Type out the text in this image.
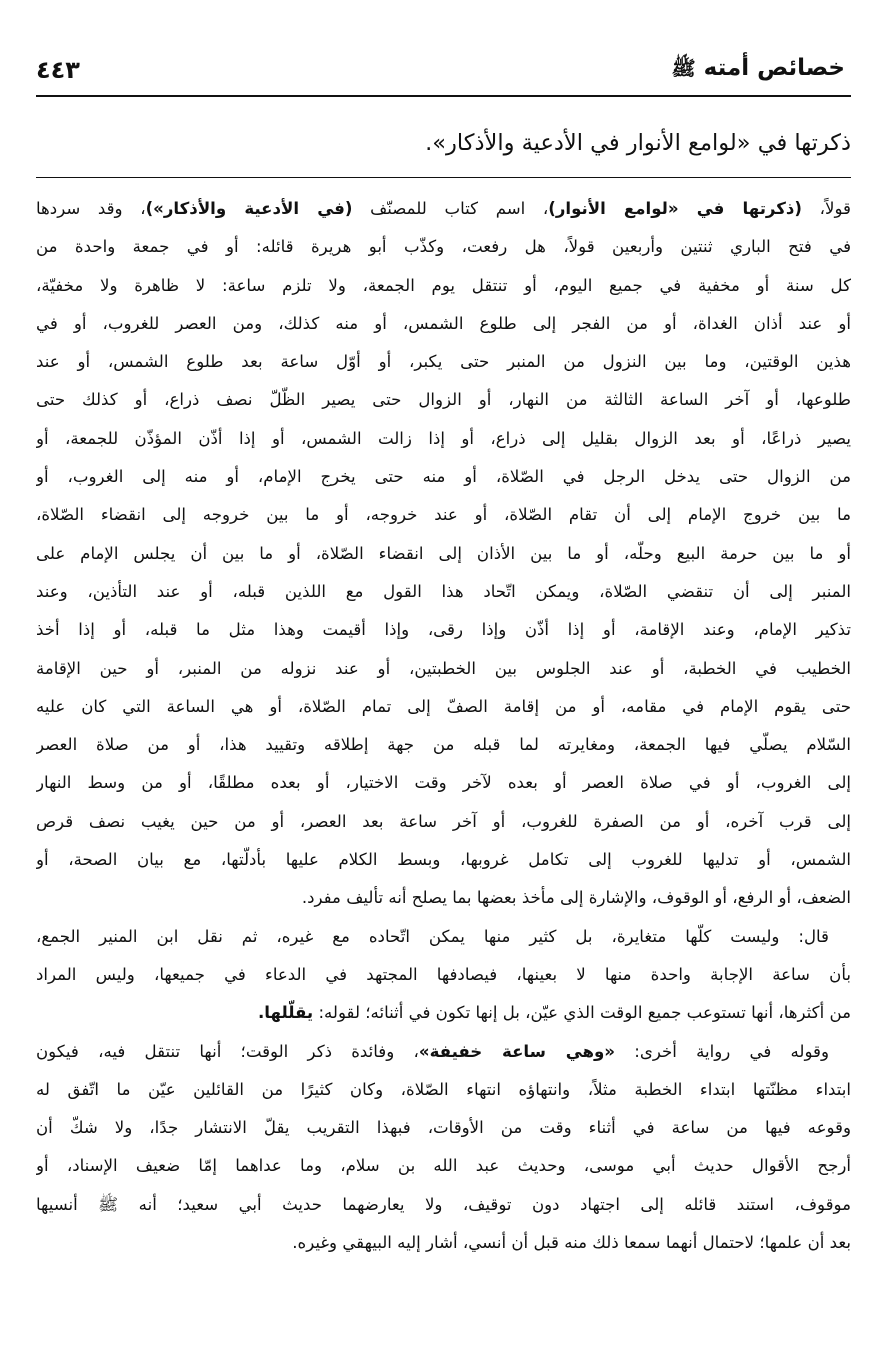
خصائص أمته ﷺ
٤٤٣
ذكرتها في «لوامع الأنوار في الأدعية والأذكار».
قولاً، (ذكرتها في «لوامع الأنوار)، اسم كتاب للمصنّف (في الأدعية والأذكار»)، وقد سردها
في فتح الباري ثنتين وأربعين قولاً، هل رفعت، وكذّب أبو هريرة قائله: أو في جمعة واحدة من
كل سنة أو مخفية في جميع اليوم، أو تنتقل يوم الجمعة، ولا تلزم ساعة: لا ظاهرة ولا مخفيّة،
أو عند أذان الغداة، أو من الفجر إلى طلوع الشمس، أو منه كذلك، ومن العصر للغروب، أو في
هذين الوقتين، وما بين النزول من المنبر حتى يكبر، أو أوّل ساعة بعد طلوع الشمس، أو عند
طلوعها، أو آخر الساعة الثالثة من النهار، أو الزوال حتى يصير الظّلّ نصف ذراع، أو كذلك حتى
يصير ذراعًا، أو بعد الزوال بقليل إلى ذراع، أو إذا زالت الشمس، أو إذا أذّن المؤذّن للجمعة، أو
من الزوال حتى يدخل الرجل في الصّلاة، أو منه حتى يخرج الإمام، أو منه إلى الغروب، أو
ما بين خروج الإمام إلى أن تقام الصّلاة، أو عند خروجه، أو ما بين خروجه إلى انقضاء الصّلاة،
أو ما بين حرمة البيع وحلّه، أو ما بين الأذان إلى انقضاء الصّلاة، أو ما بين أن يجلس الإمام على
المنبر إلى أن تنقضي الصّلاة، ويمكن اتّحاد هذا القول مع اللذين قبله، أو عند التأذين، وعند
تذكير الإمام، وعند الإقامة، أو إذا أذّن وإذا رقى، وإذا أقيمت وهذا مثل ما قبله، أو إذا أخذ
الخطيب في الخطبة، أو عند الجلوس بين الخطبتين، أو عند نزوله من المنبر، أو حين الإقامة
حتى يقوم الإمام في مقامه، أو من إقامة الصفّ إلى تمام الصّلاة، أو هي الساعة التي كان عليه
السّلام يصلّي فيها الجمعة، ومغايرته لما قبله من جهة إطلاقه وتقييد هذا، أو من صلاة العصر
إلى الغروب، أو في صلاة العصر أو بعده لآخر وقت الاختيار، أو بعده مطلقًا، أو من وسط النهار
إلى قرب آخره، أو من الصفرة للغروب، أو آخر ساعة بعد العصر، أو من حين يغيب نصف قرص
الشمس، أو تدليها للغروب إلى تكامل غروبها، وبسط الكلام عليها بأدلّتها، مع بيان الصحة، أو
الضعف، أو الرفع، أو الوقوف، والإشارة إلى مأخذ بعضها بما يصلح أنه تأليف مفرد.
قال: وليست كلّها متغايرة، بل كثير منها يمكن اتّحاده مع غيره، ثم نقل ابن المنير الجمع،
بأن ساعة الإجابة واحدة منها لا بعينها، فيصادفها المجتهد في الدعاء في جميعها، وليس المراد
من أكثرها، أنها تستوعب جميع الوقت الذي عيّن، بل إنها تكون في أثنائه؛ لقوله: يقلّلها.
وقوله في رواية أخرى: «وهي ساعة خفيفة»، وفائدة ذكر الوقت؛ أنها تنتقل فيه، فيكون
ابتداء مظنّتها ابتداء الخطبة مثلاً، وانتهاؤه انتهاء الصّلاة، وكان كثيرًا من القائلين عيّن ما اتّفق له
وقوعه فيها من ساعة في أثناء وقت من الأوقات، فبهذا التقريب يقلّ الانتشار جدًا، ولا شكّ أن
أرجح الأقوال حديث أبي موسى، وحديث عبد الله بن سلام، وما عداهما إمّا ضعيف الإسناد، أو
موقوف، استند قائله إلى اجتهاد دون توقيف، ولا يعارضهما حديث أبي سعيد؛ أنه ﷺ أنسيها
بعد أن علمها؛ لاحتمال أنهما سمعا ذلك منه قبل أن أنسي، أشار إليه البيهقي وغيره.
